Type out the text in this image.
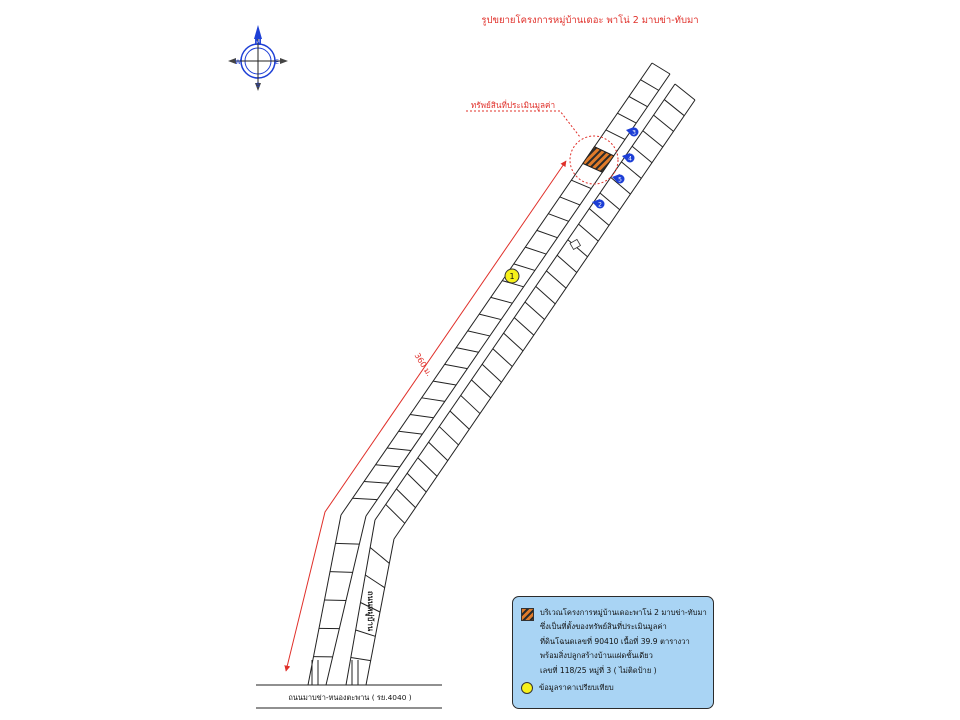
รูปขยายโครงการหมู่บ้านเดอะ พาโน่ 2 มาบข่า-ทับมา
N
S
E
W
ถนนมาบข่า-หนองตะพาน ( รย.4040 )
ถนนหมู่บ้าน
360 ม.
ทรัพย์สินที่ประเมินมูลค่า
1
2
3
4
5
บริเวณโครงการหมู่บ้านเดอะพาโน่ 2 มาบข่า-ทับมา
ซึ่งเป็นที่ตั้งของทรัพย์สินที่ประเมินมูลค่า
ที่ดินโฉนดเลขที่ 90410 เนื้อที่ 39.9 ตารางวา
พร้อมสิ่งปลูกสร้างบ้านแฝดชั้นเดียว
เลขที่ 118/25 หมู่ที่ 3 ( ไม่ติดป้าย )
ข้อมูลราคาเปรียบเทียบ
